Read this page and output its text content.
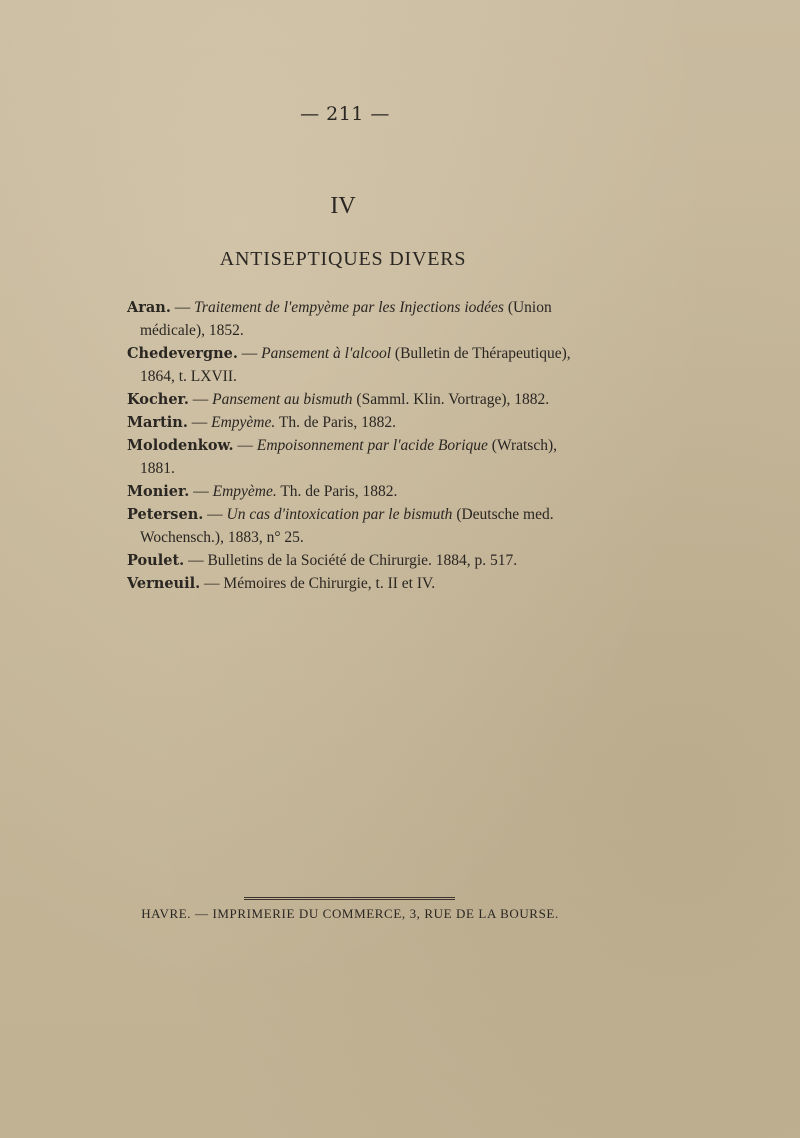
— 211 —
IV
ANTISEPTIQUES DIVERS
Aran. — Traitement de l'empyème par les Injections iodées (Union médicale), 1852.
Chedevergne. — Pansement à l'alcool (Bulletin de Thérapeutique), 1864, t. LXVII.
Kocher. — Pansement au bismuth (Samml. Klin. Vortrage), 1882.
Martin. — Empyème. Th. de Paris, 1882.
Molodenkow. — Empoisonnement par l'acide Borique (Wratsch), 1881.
Monier. — Empyème. Th. de Paris, 1882.
Petersen. — Un cas d'intoxication par le bismuth (Deutsche med. Wochensch.), 1883, n° 25.
Poulet. — Bulletins de la Société de Chirurgie. 1884, p. 517.
Verneuil. — Mémoires de Chirurgie, t. II et IV.
HAVRE. — IMPRIMERIE DU COMMERCE, 3, RUE DE LA BOURSE.
